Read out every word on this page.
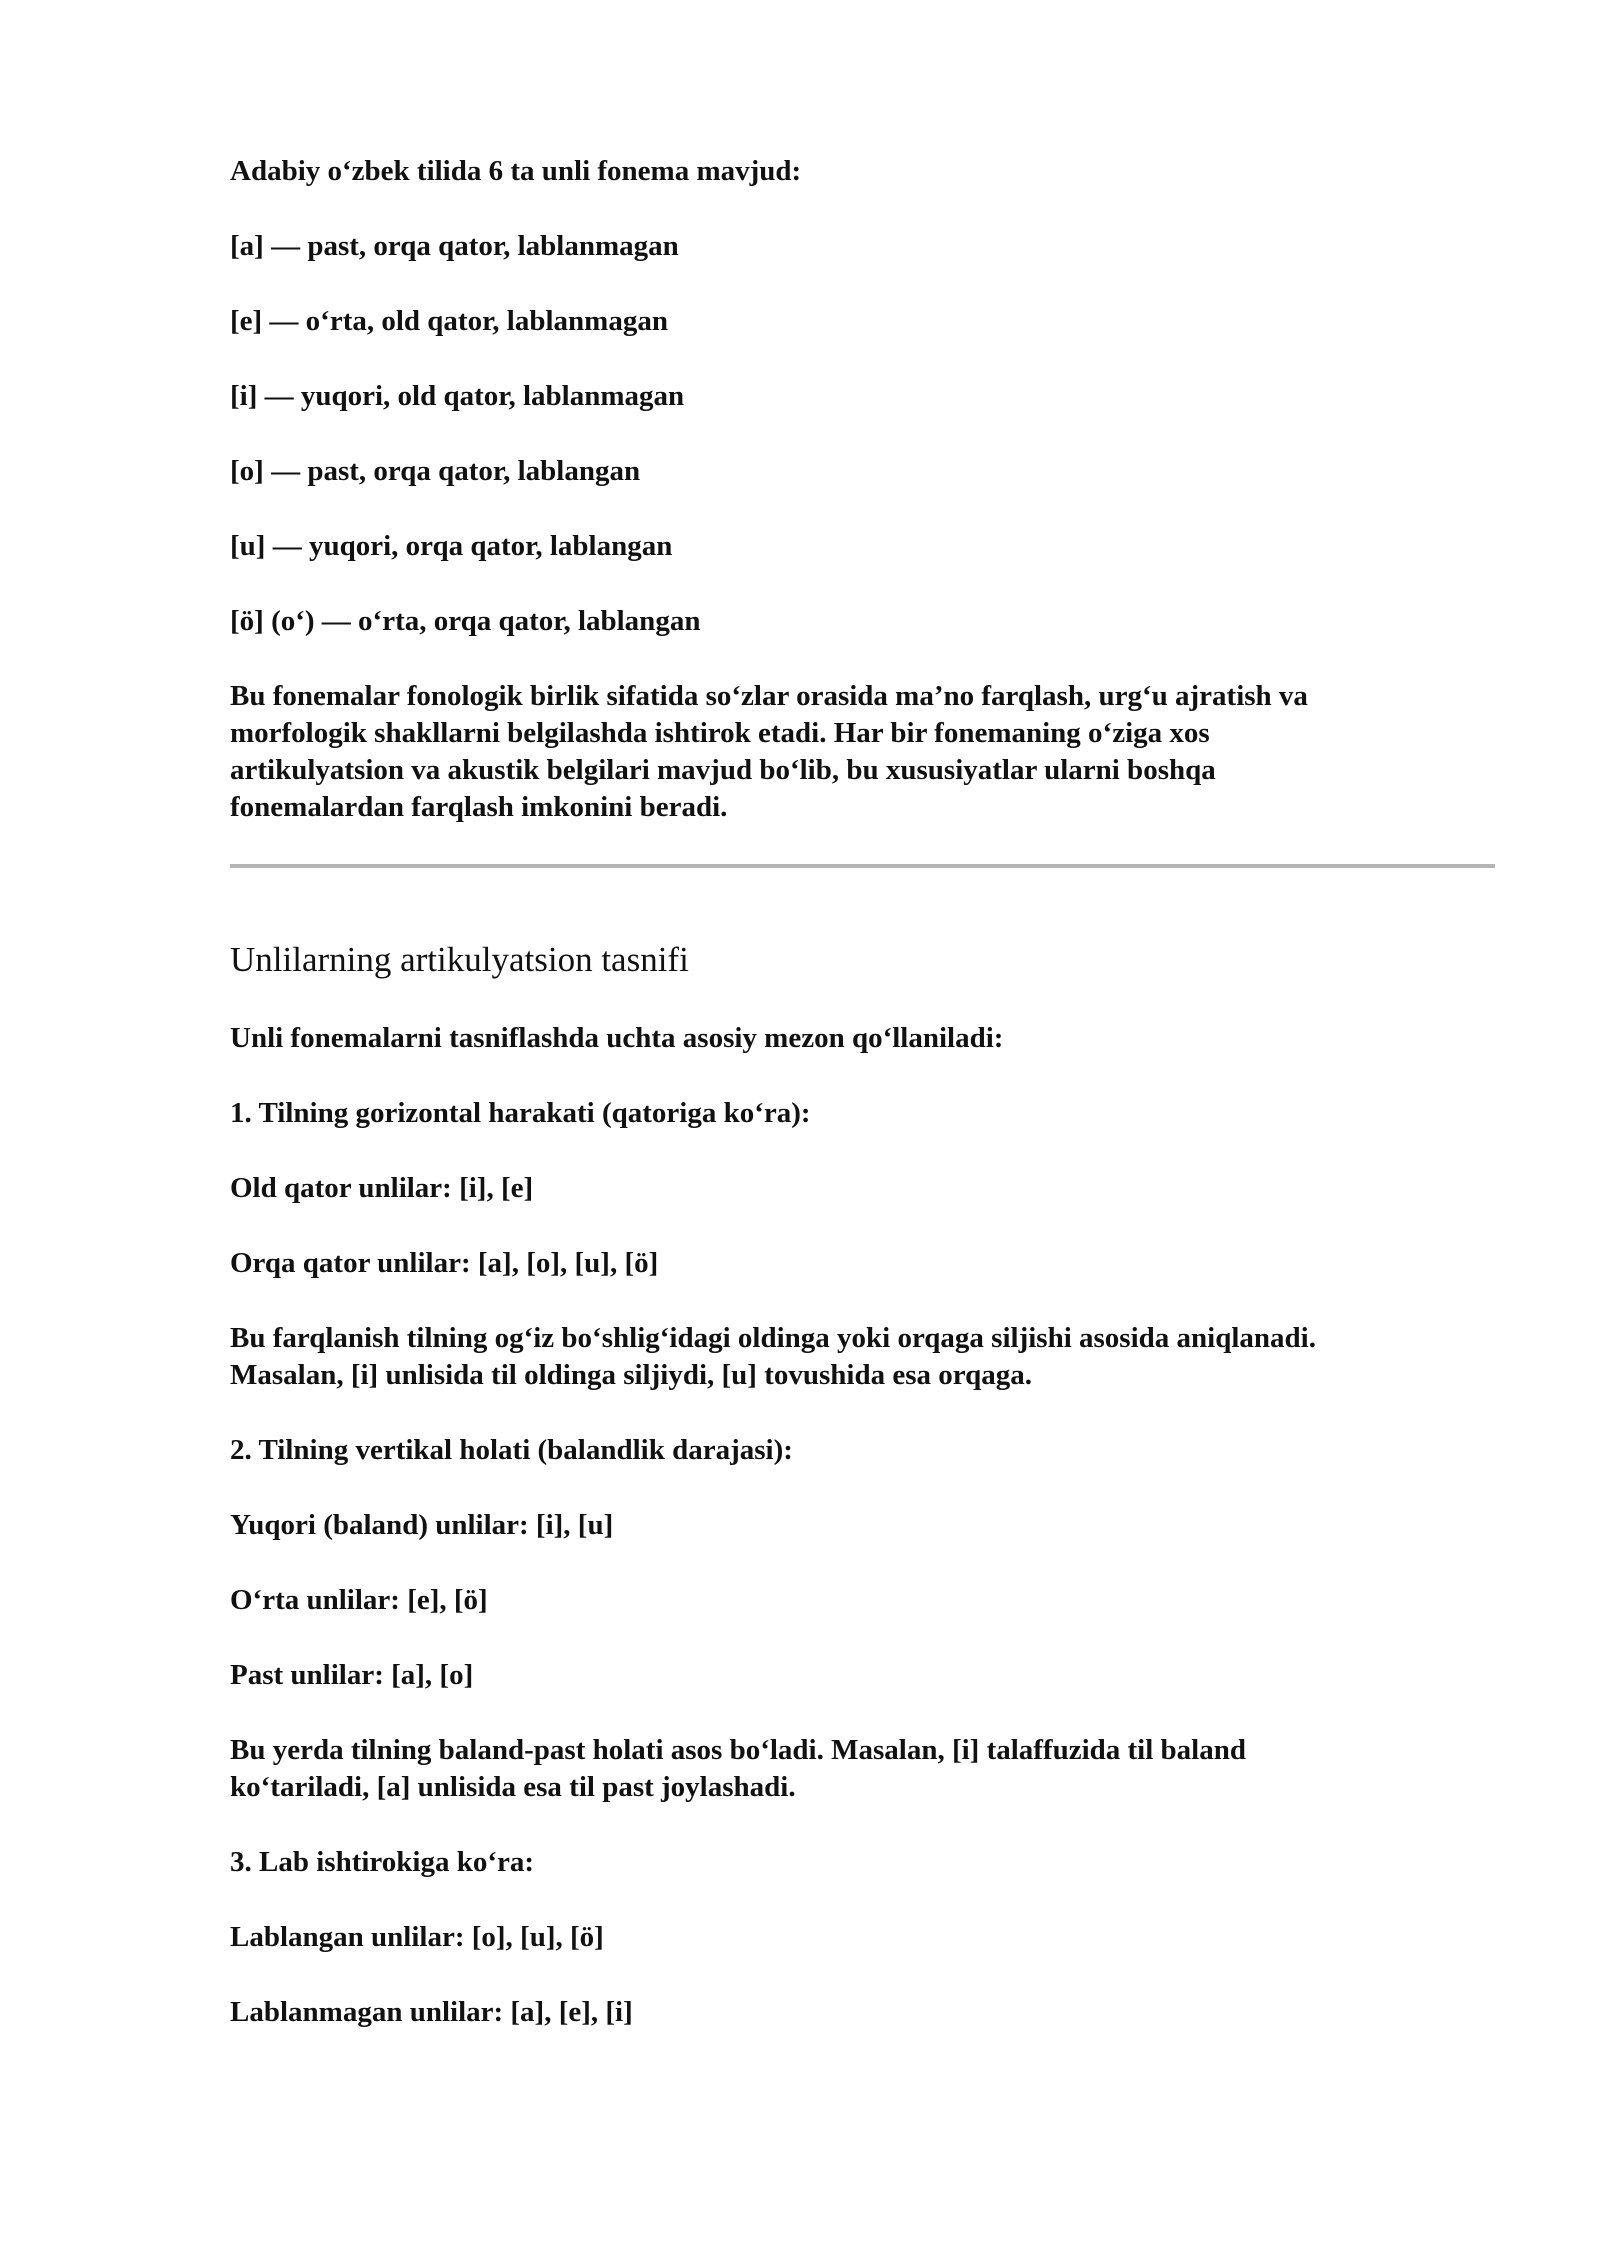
Adabiy oʻzbek tilida 6 ta unli fonema mavjud:

[a] — past, orqa qator, lablanmagan

[e] — oʻrta, old qator, lablanmagan

[i] — yuqori, old qator, lablanmagan

[o] — past, orqa qator, lablangan

[u] — yuqori, orqa qator, lablangan

[ö] (oʻ) — oʻrta, orqa qator, lablangan

Bu fonemalar fonologik birlik sifatida soʻzlar orasida maʼno farqlash, urgʻu ajratish va

morfologik shakllarni belgilashda ishtirok etadi. Har bir fonemaning oʻziga xos

artikulyatsion va akustik belgilari mavjud boʻlib, bu xususiyatlar ularni boshqa

fonemalardan farqlash imkonini beradi.

Unlilarning artikulyatsion tasnifi

Unli fonemalarni tasniflashda uchta asosiy mezon qoʻllaniladi:

1. Tilning gorizontal harakati (qatoriga koʻra):

Old qator unlilar: [i], [e]

Orqa qator unlilar: [a], [o], [u], [ö]

Bu farqlanish tilning ogʻiz boʻshligʻidagi oldinga yoki orqaga siljishi asosida aniqlanadi.

Masalan, [i] unlisida til oldinga siljiydi, [u] tovushida esa orqaga.

2. Tilning vertikal holati (balandlik darajasi):

Yuqori (baland) unlilar: [i], [u]

Oʻrta unlilar: [e], [ö]

Past unlilar: [a], [o]

Bu yerda tilning baland-past holati asos boʻladi. Masalan, [i] talaffuzida til baland

koʻtariladi, [a] unlisida esa til past joylashadi.

3. Lab ishtirokiga koʻra:

Lablangan unlilar: [o], [u], [ö]

Lablanmagan unlilar: [a], [e], [i]
